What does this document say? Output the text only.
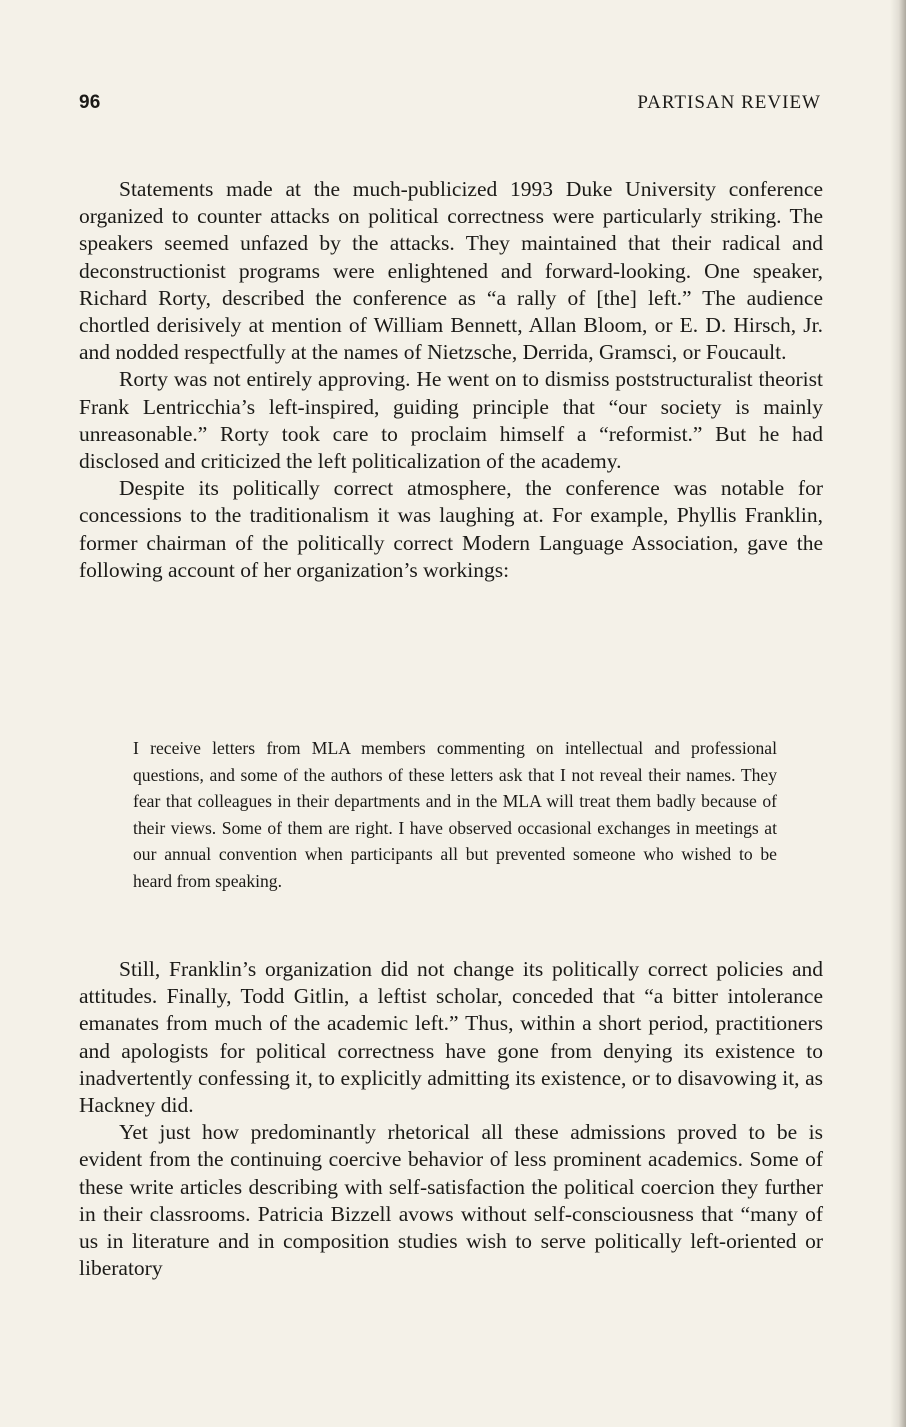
96	PARTISAN REVIEW

Statements made at the much-publicized 1993 Duke University conference organized to counter attacks on political correctness were particularly striking. The speakers seemed unfazed by the attacks. They maintained that their radical and deconstructionist programs were enlightened and forward-looking. One speaker, Richard Rorty, described the conference as “a rally of [the] left.” The audience chortled derisively at mention of William Bennett, Allan Bloom, or E. D. Hirsch, Jr. and nodded respectfully at the names of Nietzsche, Derrida, Gramsci, or Foucault.

Rorty was not entirely approving. He went on to dismiss poststructuralist theorist Frank Lentricchia’s left-inspired, guiding principle that “our society is mainly unreasonable.” Rorty took care to proclaim himself a “reformist.” But he had disclosed and criticized the left politicalization of the academy.

Despite its politically correct atmosphere, the conference was notable for concessions to the traditionalism it was laughing at. For example, Phyllis Franklin, former chairman of the politically correct Modern Language Association, gave the following account of her organization’s workings:

I receive letters from MLA members commenting on intellectual and professional questions, and some of the authors of these letters ask that I not reveal their names. They fear that colleagues in their departments and in the MLA will treat them badly because of their views. Some of them are right. I have observed occasional exchanges in meetings at our annual convention when participants all but prevented someone who wished to be heard from speaking.

Still, Franklin’s organization did not change its politically correct policies and attitudes. Finally, Todd Gitlin, a leftist scholar, conceded that “a bitter intolerance emanates from much of the academic left.” Thus, within a short period, practitioners and apologists for political correctness have gone from denying its existence to inadvertently confessing it, to explicitly admitting its existence, or to disavowing it, as Hackney did.

Yet just how predominantly rhetorical all these admissions proved to be is evident from the continuing coercive behavior of less prominent academics. Some of these write articles describing with self-satisfaction the political coercion they further in their classrooms. Patricia Bizzell avows without self-consciousness that “many of us in literature and in composition studies wish to serve politically left-oriented or liberatory
